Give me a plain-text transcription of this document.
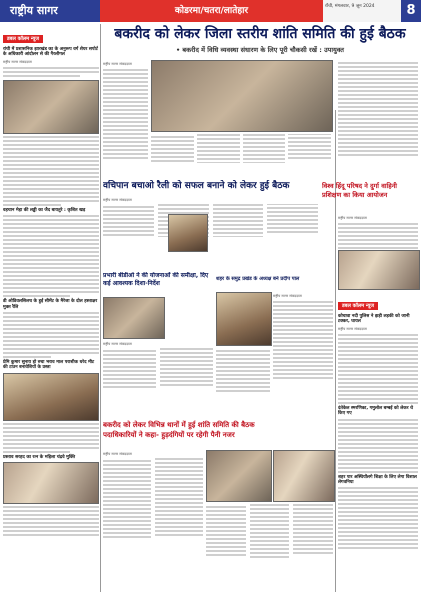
राष्ट्रीय सागर	कोडरमा/चतरा/लातेहार	राँची, मंगलवार, 9 जून 2024	8
डबल कॉलम न्यूज
रांची में प्रशासनिक झारखंड का के अनुरूप वर्ग शेयर सपोर्ट के अधिकारी आंदोलन से की गैरलीगल
राष्ट्रीय सागर संवाददाता
वहचान मेहा की लड्डी का जैद बायतुरे : कृशित खड़
डी ओडिवलसिलच के हुई सीमेंट के मैरेजा के दोल हस्ताक्षर मुक्त रैलि
प्रेमि कुमार सुनाय हो रुचा भराव माल पराशीक धरेद मीट की टाउन बनावेशियों के प्रस्ता
प्रस्ताव सरहद का रत्न के महिला चंद्रवे मुक्ति
बकरीद को लेकर जिला स्तरीय शांति समिति की हुई बैठक
• बकरीद में विधि व्यवस्था संधारण के लिए पूरी चौकसी रखें : उपायुक्त
राष्ट्रीय सागर संवाददाता
वचिपान बचाओ रैली को सफल बनाने को लेकर हुई बैठक
राष्ट्रीय सागर संवाददाता
विश्व हिंदू परिषद ने दुर्गा वाहिनी प्रशिक्षण का किया आयोजन
राष्ट्रीय सागर संवाददाता
प्रभारी बीडीओ ने की योजनाओं की समीक्षा, दिए कई आवश्यक दिशा-निर्देश
राष्ट्रीय सागर संवाददाता
शहर के समुद्र प्रखंड के अध्यक्ष बने प्रदीप पाल
राष्ट्रीय सागर संवाददाता
बकरीद को लेकर विभिन्न थानों में हुई शांति समिति की बैठक
पदाधिकारियों ने कहा- हुड़दंगियों पर रहेगी पैनी नजर
राष्ट्रीय सागर संवाददाता
डबल कॉलम न्यूज
कोचावा नदी पुलिस ने झड़ी लड़की को जानी टक्कर, घायल
राष्ट्रीय सागर संवाददाता
दंतेकेल स्मरणिका, गमुलोल बम्बई को लेकर थे किए गए
शहर पार अस्थियोंलगे शिक्षा के लिए लेगा विशाल लेगवनिया
